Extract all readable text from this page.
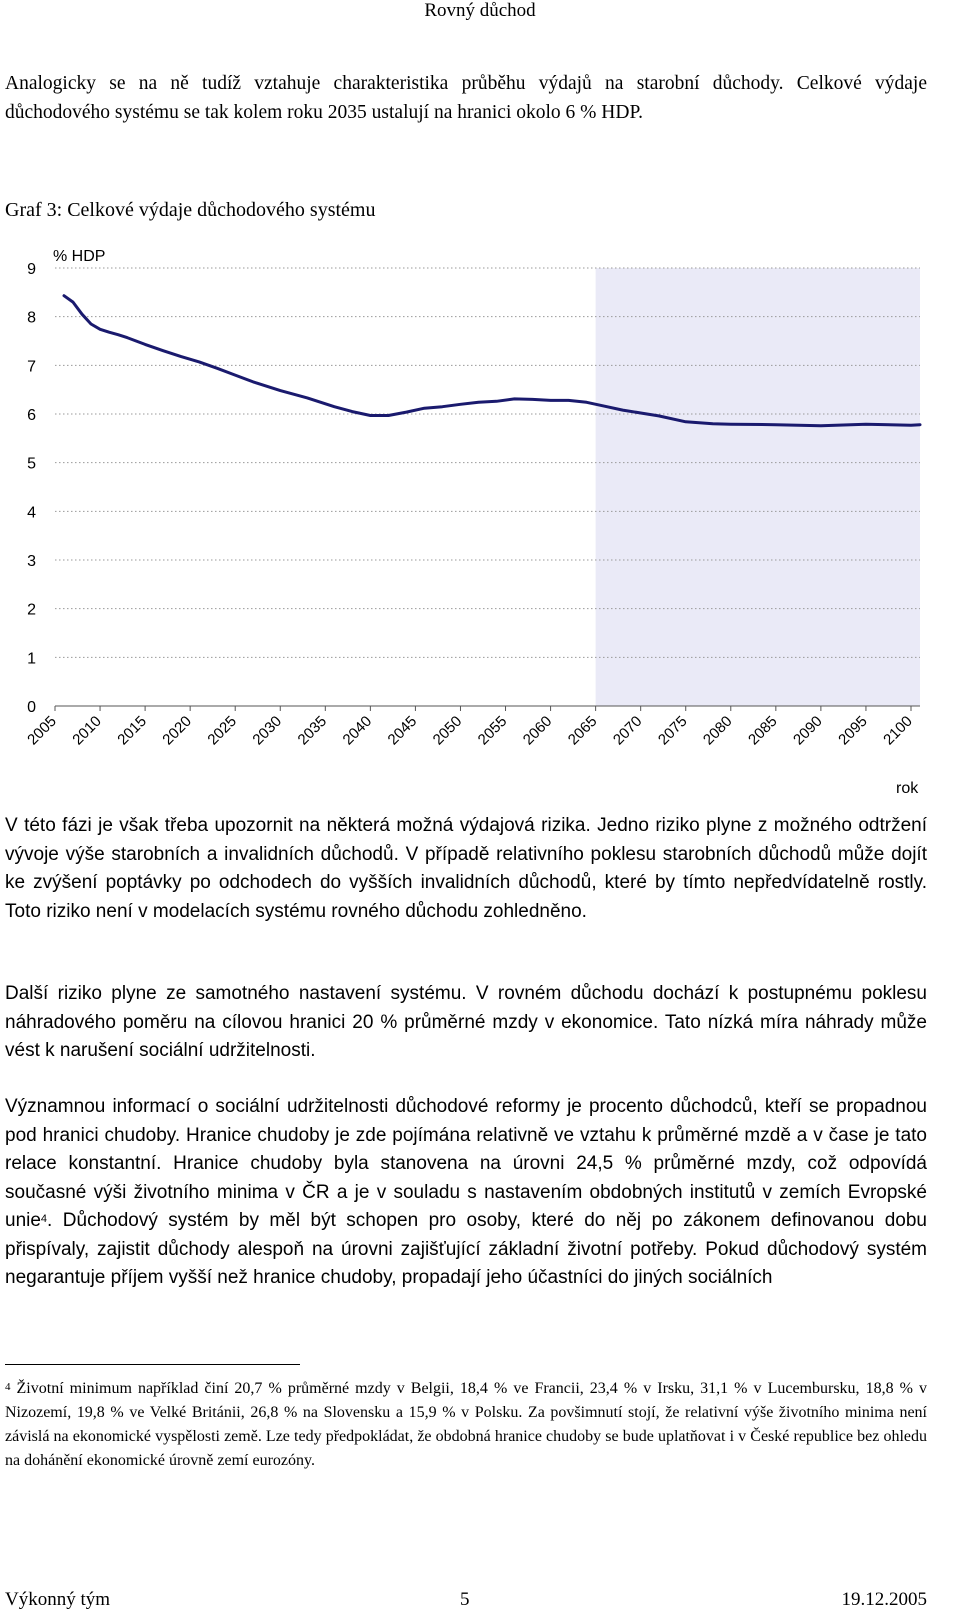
Rovný důchod

Analogicky se na ně tudíž vztahuje charakteristika průběhu výdajů na starobní důchody. Celkové výdaje důchodového systému se tak kolem roku 2035 ustalují na hranici okolo 6 % HDP.

Graf 3: Celkové výdaje důchodového systému
0
1
2
3
4
5
6
7
8
9
2005 2010 2015 2020 2025 2030 2035 2040 2045 2050 2055 2060 2065 2070 2075 2080 2085 2090 2095 2100
% HDP
rok

V této fázi je však třeba upozornit na některá možná výdajová rizika. Jedno riziko plyne z možného odtržení vývoje výše starobních a invalidních důchodů. V případě relativního poklesu starobních důchodů může dojít ke zvýšení poptávky po odchodech do vyšších invalidních důchodů, které by tímto nepředvídatelně rostly. Toto riziko není v modelacích systému rovného důchodu zohledněno.

Další riziko plyne ze samotného nastavení systému. V rovném důchodu dochází k postupnému poklesu náhradového poměru na cílovou hranici 20 % průměrné mzdy v ekonomice. Tato nízká míra náhrady může vést k narušení sociální udržitelnosti.

Významnou informací o sociální udržitelnosti důchodové reformy je procento důchodců, kteří se propadnou pod hranici chudoby. Hranice chudoby je zde pojímána relativně ve vztahu k průměrné mzdě a v čase je tato relace konstantní. Hranice chudoby byla stanovena na úrovni 24,5 % průměrné mzdy, což odpovídá současné výši životního minima v ČR a je v souladu s nastavením obdobných institutů v zemích Evropské unie$^4$. Důchodový systém by měl být schopen pro osoby, které do něj po zákonem definovanou dobu přispívaly, zajistit důchody alespoň na úrovni zajišťující základní životní potřeby. Pokud důchodový systém negarantuje příjem vyšší než hranice chudoby, propadají jeho účastníci do jiných sociálních

$^4$ Životní minimum například činí 20,7 % průměrné mzdy v Belgii, 18,4 % ve Francii, 23,4 % v Irsku, 31,1 % v Lucembursku, 18,8 % v Nizozemí, 19,8 % ve Velké Británii, 26,8 % na Slovensku a 15,9 % v Polsku. Za povšimnutí stojí, že relativní výše životního minima není závislá na ekonomické vyspělosti země. Lze tedy předpokládat, že obdobná hranice chudoby se bude uplatňovat i v České republice bez ohledu na dohánění ekonomické úrovně zemí eurozóny.

Výkonný tým	5	19.12.2005
